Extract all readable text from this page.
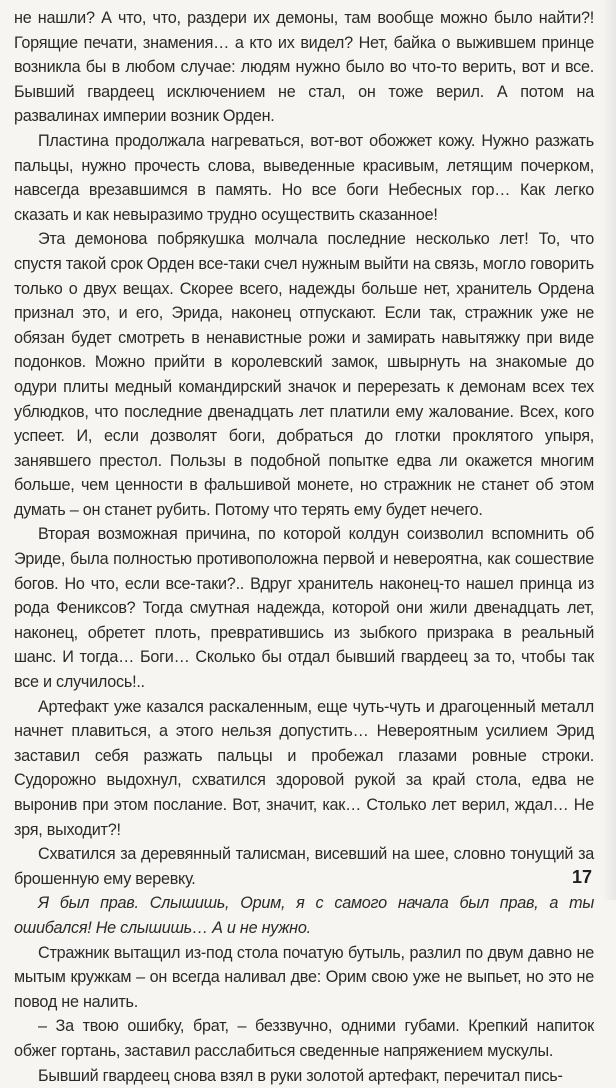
не нашли? А что, что, раздери их демоны, там вообще можно было найти?! Горящие печати, знамения… а кто их видел? Нет, байка о выжившем принце возникла бы в любом случае: людям нужно было во что-то верить, вот и все. Бывший гвардеец исключением не стал, он тоже верил. А потом на развалинах империи возник Орден.

Пластина продолжала нагреваться, вот-вот обожжет кожу. Нужно разжать пальцы, нужно прочесть слова, выведенные красивым, летящим почерком, навсегда врезавшимся в память. Но все боги Небесных гор… Как легко сказать и как невыразимо трудно осуществить сказанное!

Эта демонова побрякушка молчала последние несколько лет! То, что спустя такой срок Орден все-таки счел нужным выйти на связь, могло говорить только о двух вещах. Скорее всего, надежды больше нет, хранитель Ордена признал это, и его, Эрида, наконец отпускают. Если так, стражник уже не обязан будет смотреть в ненавистные рожи и замирать навытяжку при виде подонков. Можно прийти в королевский замок, швырнуть на знакомые до одури плиты медный командирский значок и перерезать к демонам всех тех ублюдков, что последние двенадцать лет платили ему жалование. Всех, кого успеет. И, если дозволят боги, добраться до глотки проклятого упыря, занявшего престол. Пользы в подобной попытке едва ли окажется многим больше, чем ценности в фальшивой монете, но стражник не станет об этом думать – он станет рубить. Потому что терять ему будет нечего.

Вторая возможная причина, по которой колдун соизволил вспомнить об Эриде, была полностью противоположна первой и невероятна, как сошествие богов. Но что, если все-таки?.. Вдруг хранитель наконец-то нашел принца из рода Фениксов? Тогда смутная надежда, которой они жили двенадцать лет, наконец, обретет плоть, превратившись из зыбкого призрака в реальный шанс. И тогда… Боги… Сколько бы отдал бывший гвардеец за то, чтобы так все и случилось!..

Артефакт уже казался раскаленным, еще чуть-чуть и драгоценный металл начнет плавиться, а этого нельзя допустить… Невероятным усилием Эрид заставил себя разжать пальцы и пробежал глазами ровные строки. Судорожно выдохнул, схватился здоровой рукой за край стола, едва не выронив при этом послание. Вот, значит, как… Столько лет верил, ждал… Не зря, выходит?!

Схватился за деревянный талисман, висевший на шее, словно тонущий за брошенную ему веревку.

Я был прав. Слышишь, Орим, я с самого начала был прав, а ты ошибался! Не слышишь… А и не нужно.

Стражник вытащил из-под стола початую бутыль, разлил по двум давно не мытым кружкам – он всегда наливал две: Орим свою уже не выпьет, но это не повод не налить.

– За твою ошибку, брат, – беззвучно, одними губами. Крепкий напиток обжег гортань, заставил расслабиться сведенные напряжением мускулы.

Бывший гвардеец снова взял в руки золотой артефакт, перечитал пись-

17
